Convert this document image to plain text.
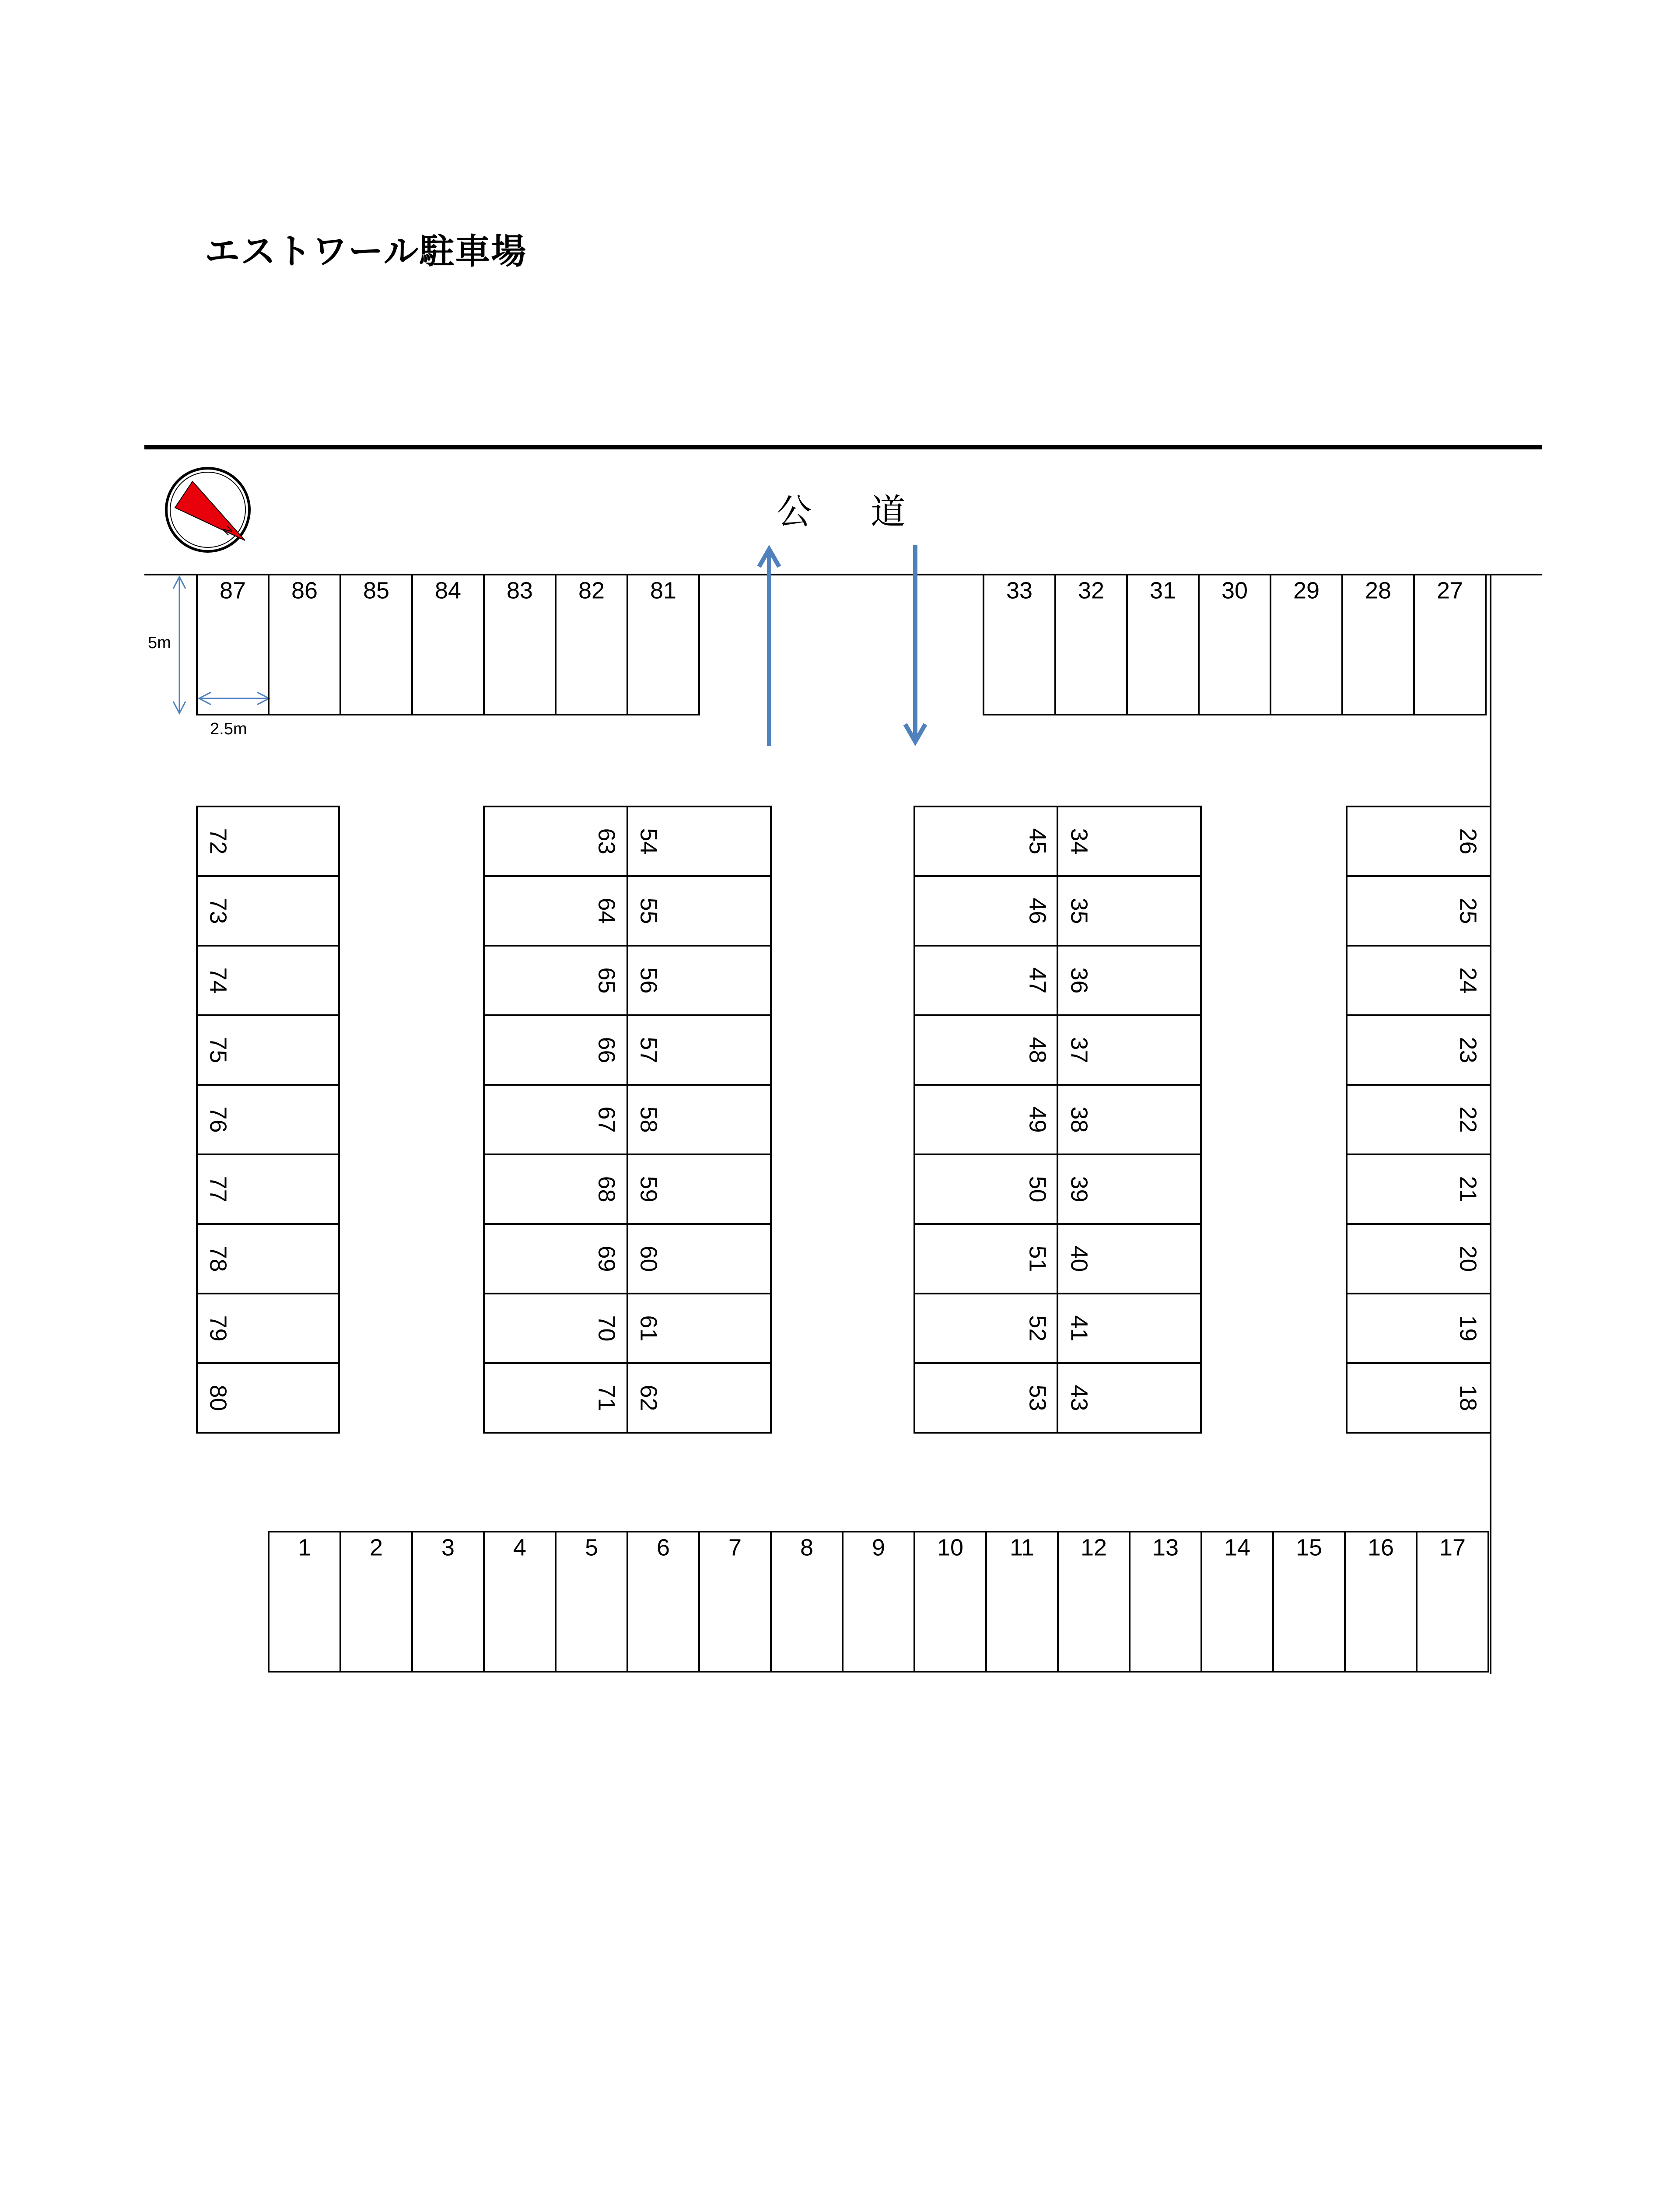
エストワール駐車場
公 道
5m
2.5m
N
87 86 85 84 83 82 81	33 32 31 30 29 28 27
1 2 3 4 5 6 7 8 9 10 11 12 13 14 15 16 17
72
73
74
75
76
77
78
79
80
63
64
65
66
67
68
69
70
71
54
55
56
57
58
59
60
61
62
45
46
47
48
49
50
51
52
53
34
35
36
37
38
39
40
41
43
26
25
24
23
22
21
20
19
18
